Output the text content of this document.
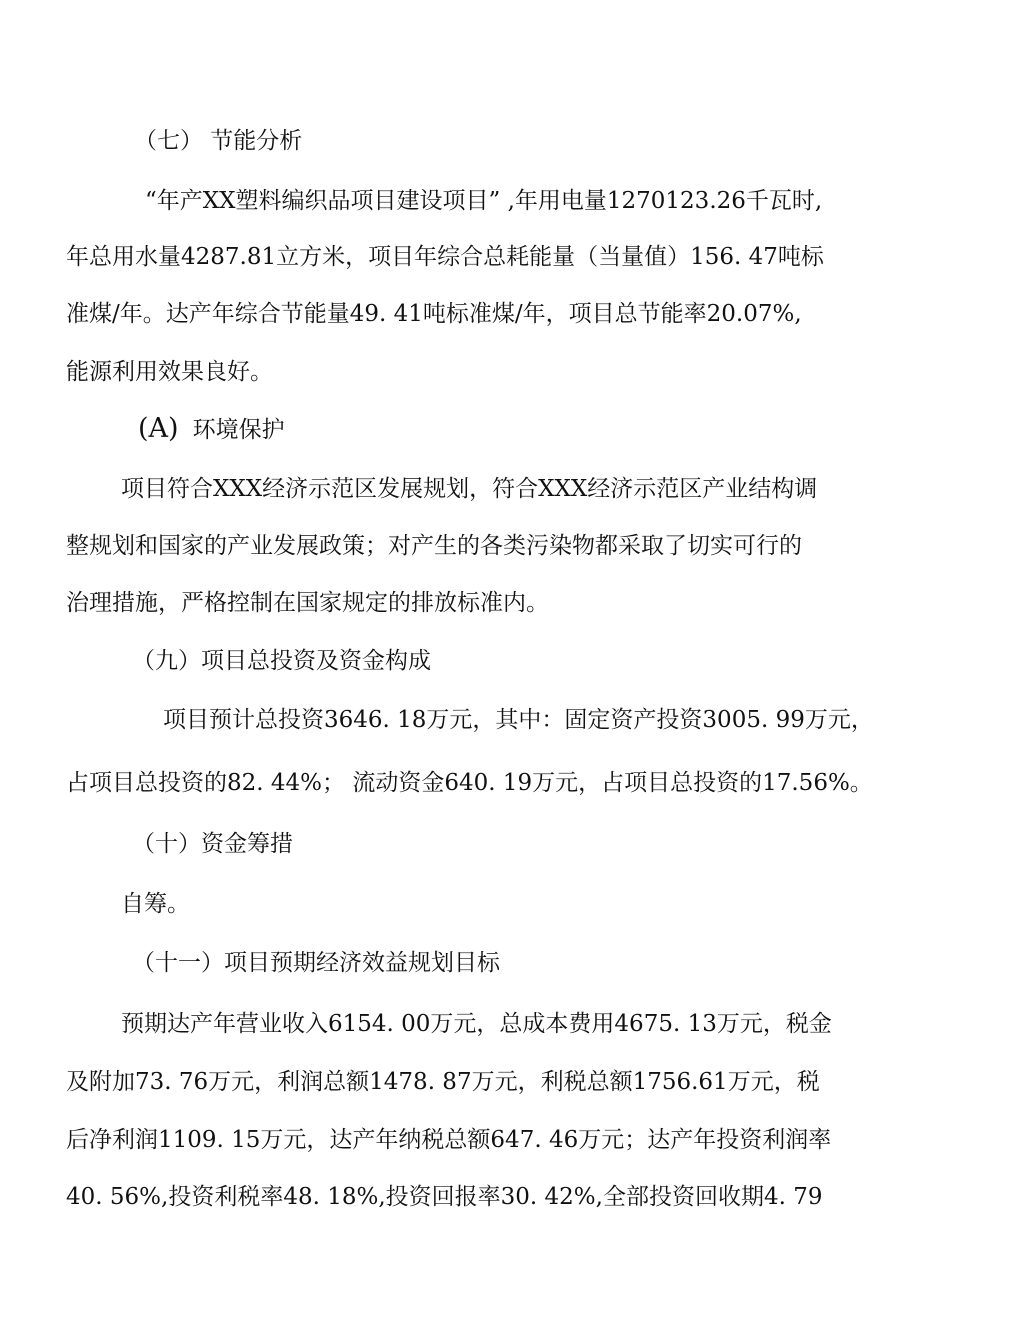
（七） 节能分析
“年产XX塑料编织品项目建设项目” ,年用电量1270123.26千瓦时,
年总用水量4287.81立方米，项目年综合总耗能量（当量值）156. 47吨标
准煤/年。达产年综合节能量49. 41吨标准煤/年，项目总节能率20.07%,
能源利用效果良好。
(A) 环境保护
项目符合XXX经济示范区发展规划，符合XXX经济示范区产业结构调
整规划和国家的产业发展政策；对产生的各类污染物都采取了切实可行的
治理措施，严格控制在国家规定的排放标准内。
（九）项目总投资及资金构成
项目预计总投资3646. 18万元，其中：固定资产投资3005. 99万元，
占项目总投资的82. 44%； 流动资金640. 19万元，占项目总投资的17.56%。
（十）资金筹措
自筹。
（十一）项目预期经济效益规划目标
预期达产年营业收入6154. 00万元，总成本费用4675. 13万元，税金
及附加73. 76万元，利润总额1478. 87万元，利税总额1756.61万元，税
后净利润1109. 15万元，达产年纳税总额647. 46万元；达产年投资利润率
40. 56%,投资利税率48. 18%,投资回报率30. 42%,全部投资回收期4. 79
